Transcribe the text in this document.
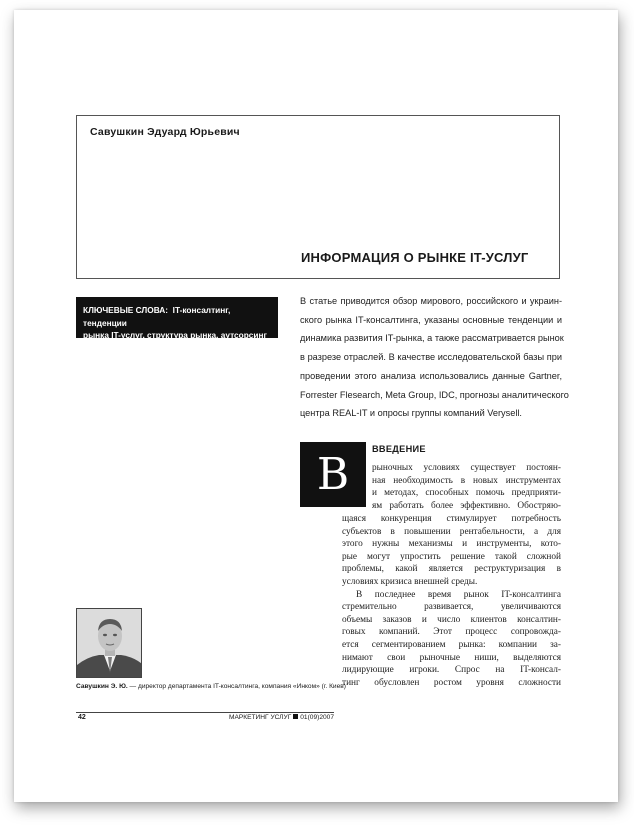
Савушкин Эдуард Юрьевич
ИНФОРМАЦИЯ О РЫНКЕ IT-УСЛУГ
КЛЮЧЕВЫЕ СЛОВА: IT-консалтинг, тенденции
рынка IT-услуг, структура рынка, аутсорсинг
В статье приводится обзор мирового, российского и украин-
ского рынка IT-консалтинга, указаны основные тенденции и
динамика развития IT-рынка, а также рассматривается рынок
в разрезе отраслей. В качестве исследовательской базы при
проведении этого анализа использовались данные Gartner,
Forrester Flesearch, Meta Group, IDC, прогнозы аналитического
центра REAL-IT и опросы группы компаний Verysell.
В	ВВЕДЕНИЕ
рыночных условиях существует постоян-
ная необходимость в новых инструментах
и методах, способных помочь предприяти-
ям работать более эффективно. Обостряю-
щаяся конкуренция стимулирует потребность
субъектов в повышении рентабельности, а для
этого нужны механизмы и инструменты, кото-
рые могут упростить решение такой сложной
проблемы, какой является реструктуризация в
условиях кризиса внешней среды.
В последнее время рынок IT-консалтинга
стремительно развивается, увеличиваются
объемы заказов и число клиентов консалтин-
говых компаний. Этот процесс сопровожда-
ется сегментированием рынка: компании за-
нимают свои рыночные ниши, выделяются
лидирующие игроки. Спрос на IT-консал-
тинг обусловлен ростом уровня сложности
Савушкин Э. Ю. — директор департамента IT-консалтинга, компания «Инком» (г. Киев)
42	МАРКЕТИНГ УСЛУГ 01(09)2007
